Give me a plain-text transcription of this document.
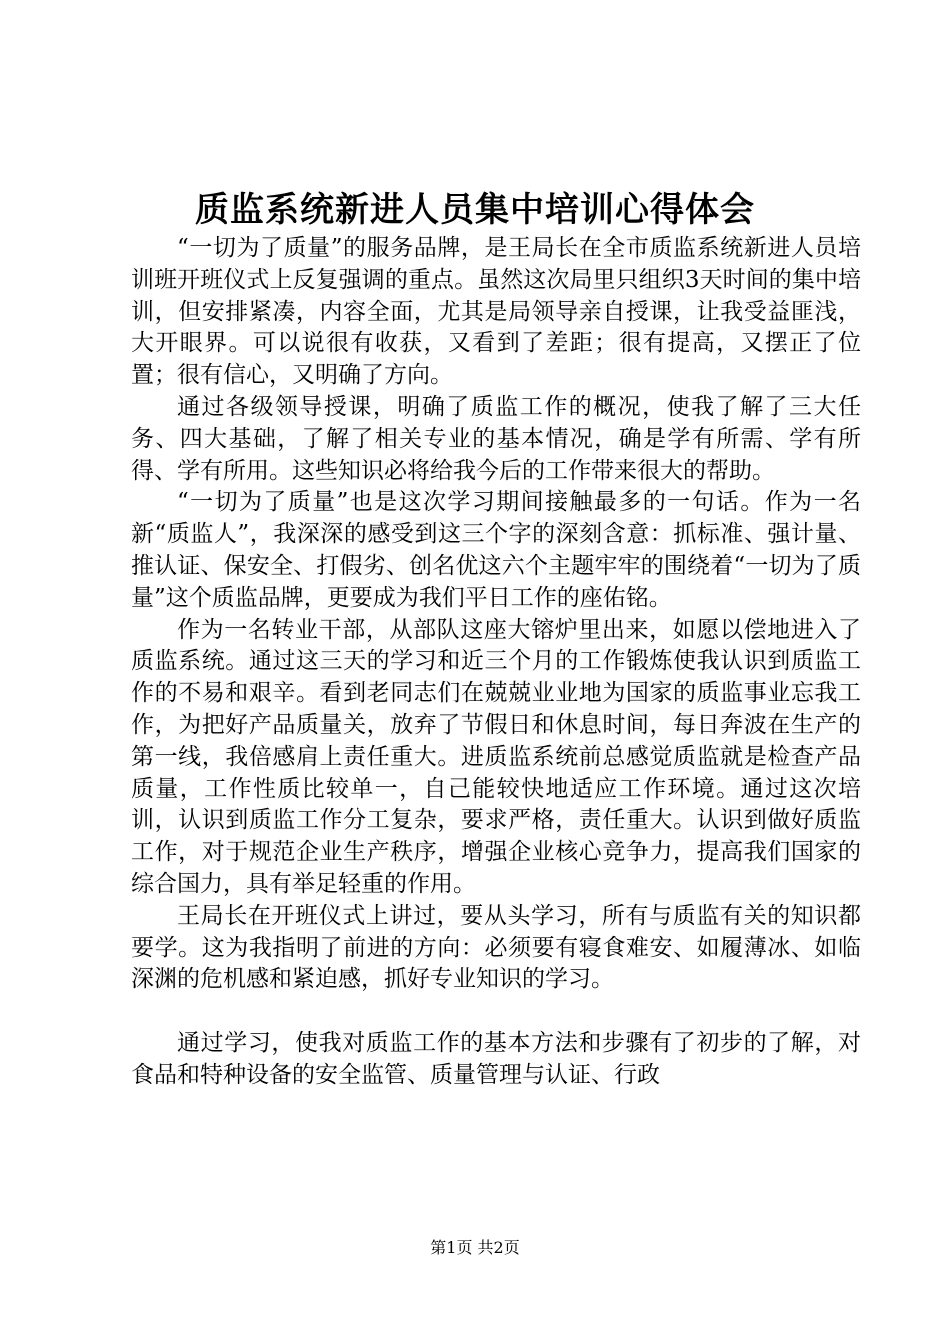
质监系统新进人员集中培训心得体会

“一切为了质量”的服务品牌，是王局长在全市质监系统新进人员培训班开班仪式上反复强调的重点。虽然这次局里只组织3天时间的集中培训，但安排紧凑，内容全面，尤其是局领导亲自授课，让我受益匪浅，大开眼界。可以说很有收获，又看到了差距；很有提高，又摆正了位置；很有信心，又明确了方向。

通过各级领导授课，明确了质监工作的概况，使我了解了三大任务、四大基础，了解了相关专业的基本情况，确是学有所需、学有所得、学有所用。这些知识必将给我今后的工作带来很大的帮助。

“一切为了质量”也是这次学习期间接触最多的一句话。作为一名新“质监人”，我深深的感受到这三个字的深刻含意：抓标准、强计量、推认证、保安全、打假劣、创名优这六个主题牢牢的围绕着“一切为了质量”这个质监品牌，更要成为我们平日工作的座佑铭。

作为一名转业干部，从部队这座大镕炉里出来，如愿以偿地进入了质监系统。通过这三天的学习和近三个月的工作锻炼使我认识到质监工作的不易和艰辛。看到老同志们在兢兢业业地为国家的质监事业忘我工作，为把好产品质量关，放弃了节假日和休息时间，每日奔波在生产的第一线，我倍感肩上责任重大。进质监系统前总感觉质监就是检查产品质量，工作性质比较单一，自己能较快地适应工作环境。通过这次培训，认识到质监工作分工复杂，要求严格，责任重大。认识到做好质监工作，对于规范企业生产秩序，增强企业核心竞争力，提高我们国家的综合国力，具有举足轻重的作用。

王局长在开班仪式上讲过，要从头学习，所有与质监有关的知识都要学。这为我指明了前进的方向：必须要有寝食难安、如履薄冰、如临深渊的危机感和紧迫感，抓好专业知识的学习。

通过学习，使我对质监工作的基本方法和步骤有了初步的了解，对食品和特种设备的安全监管、质量管理与认证、行政

第1页 共2页
